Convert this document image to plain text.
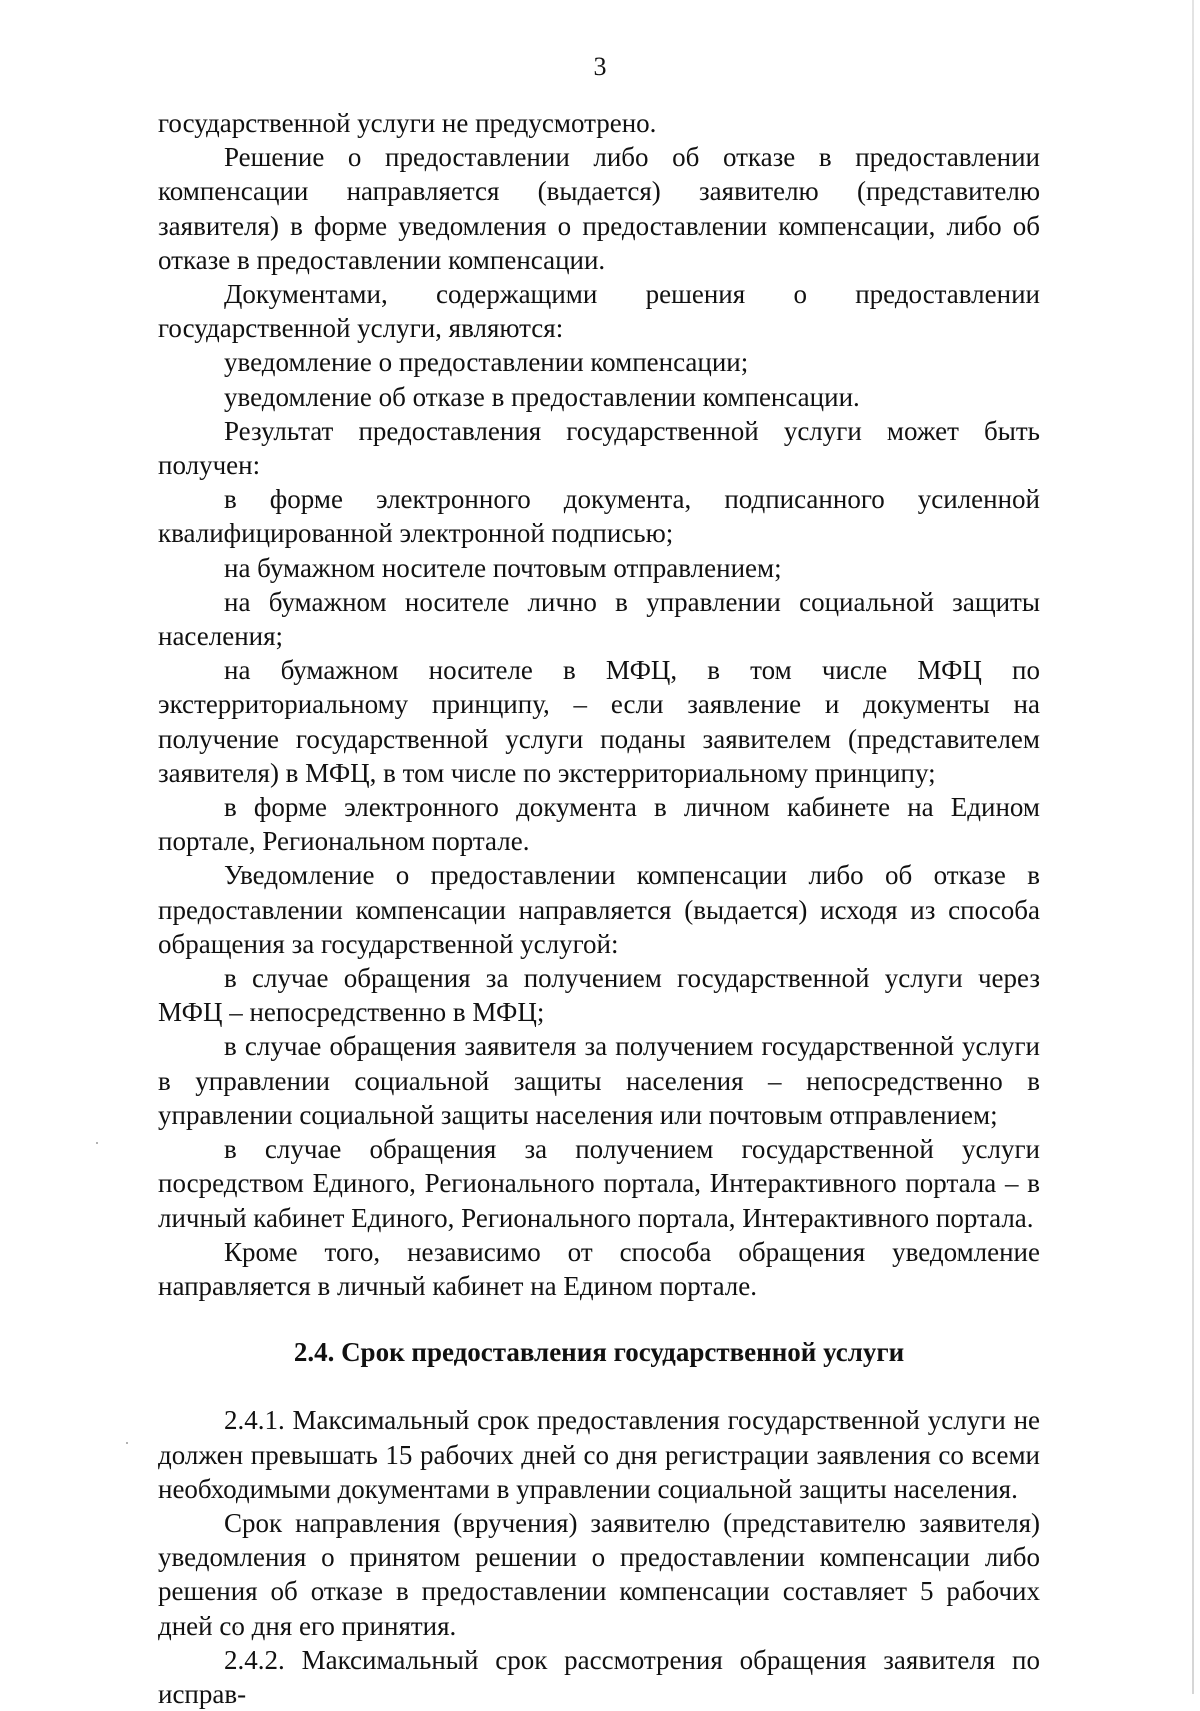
3

государственной услуги не предусмотрено.

Решение о предоставлении либо об отказе в предоставлении компенсации направляется (выдается) заявителю (представителю заявителя) в форме уведомления о предоставлении компенсации, либо об отказе в предоставлении компенсации.

Документами, содержащими решения о предоставлении государственной услуги, являются:

уведомление о предоставлении компенсации;

уведомление об отказе в предоставлении компенсации.

Результат предоставления государственной услуги может быть получен:

в форме электронного документа, подписанного усиленной квалифицированной электронной подписью;

на бумажном носителе почтовым отправлением;

на бумажном носителе лично в управлении социальной защиты населения;

на бумажном носителе в МФЦ, в том числе МФЦ по экстерриториальному принципу, – если заявление и документы на получение государственной услуги поданы заявителем (представителем заявителя) в МФЦ, в том числе по экстерриториальному принципу;

в форме электронного документа в личном кабинете на Едином портале, Региональном портале.

Уведомление о предоставлении компенсации либо об отказе в предоставлении компенсации направляется (выдается) исходя из способа обращения за государственной услугой:

в случае обращения за получением государственной услуги через МФЦ – непосредственно в МФЦ;

в случае обращения заявителя за получением государственной услуги в управлении социальной защиты населения – непосредственно в управлении социальной защиты населения или почтовым отправлением;

в случае обращения за получением государственной услуги посредством Единого, Регионального портала, Интерактивного портала – в личный кабинет Единого, Регионального портала, Интерактивного портала.

Кроме того, независимо от способа обращения уведомление направляется в личный кабинет на Едином портале.

2.4. Срок предоставления государственной услуги

2.4.1. Максимальный срок предоставления государственной услуги не должен превышать 15 рабочих дней со дня регистрации заявления со всеми необходимыми документами в управлении социальной защиты населения.

Срок направления (вручения) заявителю (представителю заявителя) уведомления о принятом решении о предоставлении компенсации либо решения об отказе в предоставлении компенсации составляет 5 рабочих дней со дня его принятия.

2.4.2. Максимальный срок рассмотрения обращения заявителя по исправ-
